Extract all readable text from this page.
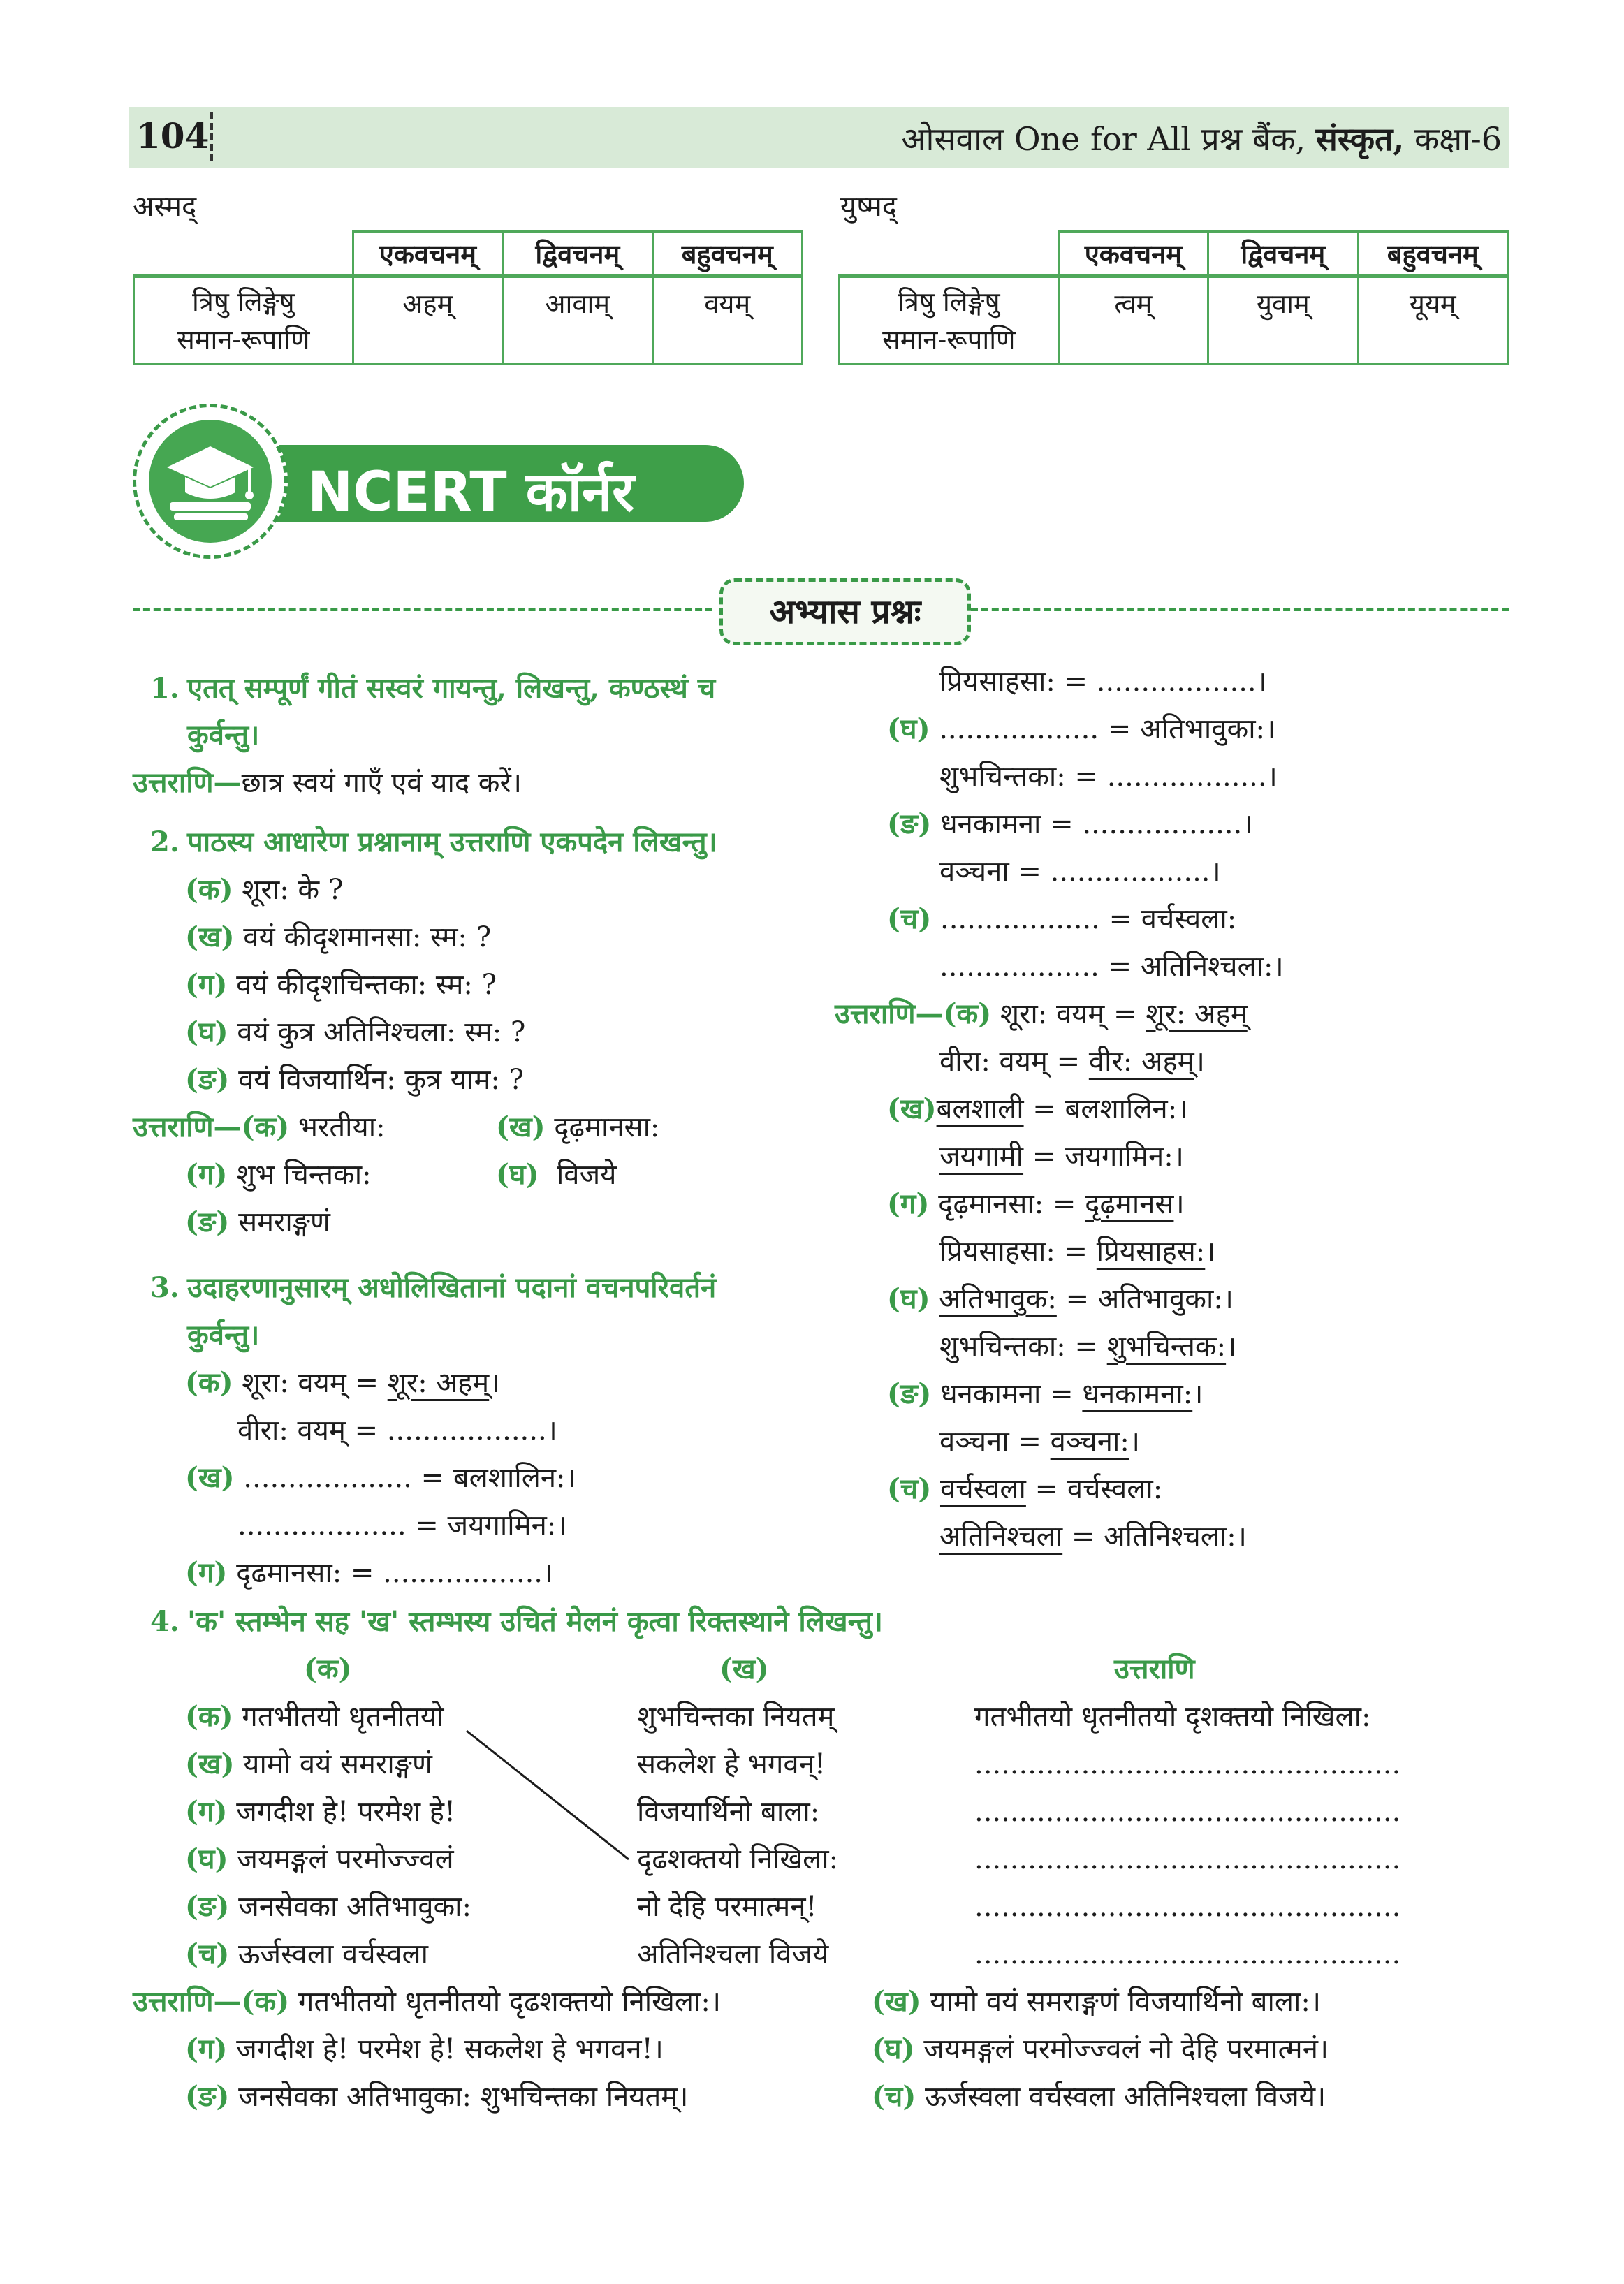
104	ओसवाल One for All प्रश्न बैंक, संस्कृत, कक्षा-6
अस्मद्	युष्मद्
	एकवचनम्	द्विवचनम्	बहुवचनम्

त्रिषु लिङ्गेषु
समान-रूपाणि	अहम्	आवाम्	वयम्
	एकवचनम्	द्विवचनम्	बहुवचनम्

त्रिषु लिङ्गेषु
समान-रूपाणि	त्वम्	युवाम्	यूयम्
NCERT कॉर्नर
अभ्यास प्रश्नः
1. एतत् सम्पूर्णं गीतं सस्वरं गायन्तु, लिखन्तु, कण्ठस्थं च
कुर्वन्तु।
उत्तराणि—छात्र स्वयं गाएँ एवं याद करें।
2. पाठस्य आधारेण प्रश्नानाम् उत्तराणि एकपदेन लिखन्तु।
(क) शूरा: के ?
(ख) वयं कीदृशमानसा: स्म: ?
(ग) वयं कीदृशचिन्तका: स्म: ?
(घ) वयं कुत्र अतिनिश्चला: स्म: ?
(ङ) वयं विजयार्थिन: कुत्र याम: ?
उत्तराणि—(क) भरतीया:	(ख) दृढ़मानसा:
(ग) शुभ चिन्तका:	(घ) विजये
(ङ) समराङ्गणं
3. उदाहरणानुसारम् अधोलिखितानां पदानां वचनपरिवर्तनं
कुर्वन्तु।
(क) शूरा: वयम् = शूर: अहम्।
वीरा: वयम् = ..................।
(ख) ................... = बलशालिन:।
................... = जयगामिन:।
(ग) दृढमानसा: = ..................।
प्रियसाहसा: = ..................।
(घ) .................. = अतिभावुका:।
शुभचिन्तका: = ..................।
(ङ) धनकामना = ..................।
वञ्चना = ..................।
(च) .................. = वर्चस्वला:
.................. = अतिनिश्चला:।
उत्तराणि—(क) शूरा: वयम् = शूर: अहम्
वीरा: वयम् = वीर: अहम्।
(ख)बलशाली = बलशालिन:।
जयगामी = जयगामिन:।
(ग) दृढ़मानसा: = दृढ़मानस।
प्रियसाहसा: = प्रियसाहस:।
(घ) अतिभावुक: = अतिभावुका:।
शुभचिन्तका: = शुभचिन्तक:।
(ङ) धनकामना = धनकामना:।
वञ्चना = वञ्चना:।
(च) वर्चस्वला = वर्चस्वला:
अतिनिश्चला = अतिनिश्चला:।
4. 'क' स्तम्भेन सह 'ख' स्तम्भस्य उचितं मेलनं कृत्वा रिक्तस्थाने लिखन्तु।
(क)	(ख)	उत्तराणि
(क) गतभीतयो धृतनीतयो	शुभचिन्तका नियतम्	गतभीतयो धृतनीतयो दृशक्तयो निखिला:
(ख) यामो वयं समराङ्गणं	सकलेश हे भगवन्!	................................................
(ग) जगदीश हे! परमेश हे!	विजयार्थिनो बाला:	................................................
(घ) जयमङ्गलं परमोज्ज्वलं	दृढशक्तयो निखिला:	................................................
(ङ) जनसेवका अतिभावुका:	नो देहि परमात्मन्!	................................................
(च) ऊर्जस्वला वर्चस्वला	अतिनिश्चला विजये	................................................
उत्तराणि—(क) गतभीतयो धृतनीतयो दृढशक्तयो निखिला:।	(ख) यामो वयं समराङ्गणं विजयार्थिनो बाला:।
(ग) जगदीश हे! परमेश हे! सकलेश हे भगवन!।	(घ) जयमङ्गलं परमोज्ज्वलं नो देहि परमात्मनं।
(ङ) जनसेवका अतिभावुका: शुभचिन्तका नियतम्।	(च) ऊर्जस्वला वर्चस्वला अतिनिश्चला विजये।
